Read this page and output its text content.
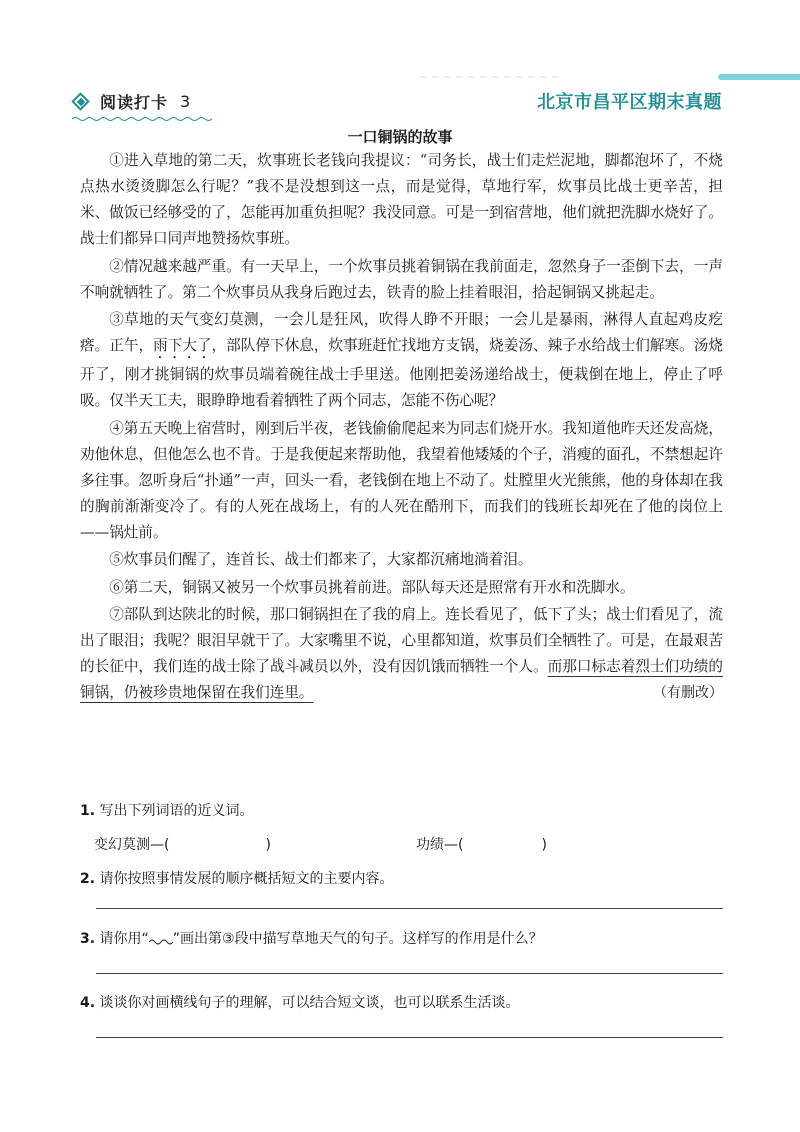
阅读打卡 3	北京市昌平区期末真题
一口铜锅的故事

①进入草地的第二天，炊事班长老钱向我提议：“司务长，战士们走烂泥地，脚都泡坏了，不烧点热水烫烫脚怎么行呢？”我不是没想到这一点，而是觉得，草地行军，炊事员比战士更辛苦，担米、做饭已经够受的了，怎能再加重负担呢？我没同意。可是一到宿营地，他们就把洗脚水烧好了。战士们都异口同声地赞扬炊事班。

②情况越来越严重。有一天早上，一个炊事员挑着铜锅在我前面走，忽然身子一歪倒下去，一声不响就牺牲了。第二个炊事员从我身后跑过去，铁青的脸上挂着眼泪，拾起铜锅又挑起走。

③草地的天气变幻莫测，一会儿是狂风，吹得人睁不开眼；一会儿是暴雨，淋得人直起鸡皮疙瘩。正午，雨下大了，部队停下休息，炊事班赶忙找地方支锅，烧姜汤、辣子水给战士们解寒。汤烧开了，刚才挑铜锅的炊事员端着碗往战士手里送。他刚把姜汤递给战士，便栽倒在地上，停止了呼吸。仅半天工夫，眼睁睁地看着牺牲了两个同志，怎能不伤心呢？

④第五天晚上宿营时，刚到后半夜，老钱偷偷爬起来为同志们烧开水。我知道他昨天还发高烧，劝他休息，但他怎么也不肯。于是我便起来帮助他，我望着他矮矮的个子，消瘦的面孔，不禁想起许多往事。忽听身后“扑通”一声，回头一看，老钱倒在地上不动了。灶膛里火光熊熊，他的身体却在我的胸前渐渐变冷了。有的人死在战场上，有的人死在酷刑下，而我们的钱班长却死在了他的岗位上——锅灶前。

⑤炊事员们醒了，连首长、战士们都来了，大家都沉痛地淌着泪。

⑥第二天，铜锅又被另一个炊事员挑着前进。部队每天还是照常有开水和洗脚水。

⑦部队到达陕北的时候，那口铜锅担在了我的肩上。连长看见了，低下了头；战士们看见了，流出了眼泪；我呢？眼泪早就干了。大家嘴里不说，心里都知道，炊事员们全牺牲了。可是，在最艰苦的长征中，我们连的战士除了战斗减员以外，没有因饥饿而牺牲一个人。而那口标志着烈士们功绩的铜锅，仍被珍贵地保留在我们连里。	（有删改）

1. 写出下列词语的近义词。
变幻莫测—(	)	功绩—(	)
2. 请你按照事情发展的顺序概括短文的主要内容。
3. 请你用“ ”画出第③段中描写草地天气的句子。这样写的作用是什么？
4. 谈谈你对画横线句子的理解，可以结合短文谈，也可以联系生活谈。
